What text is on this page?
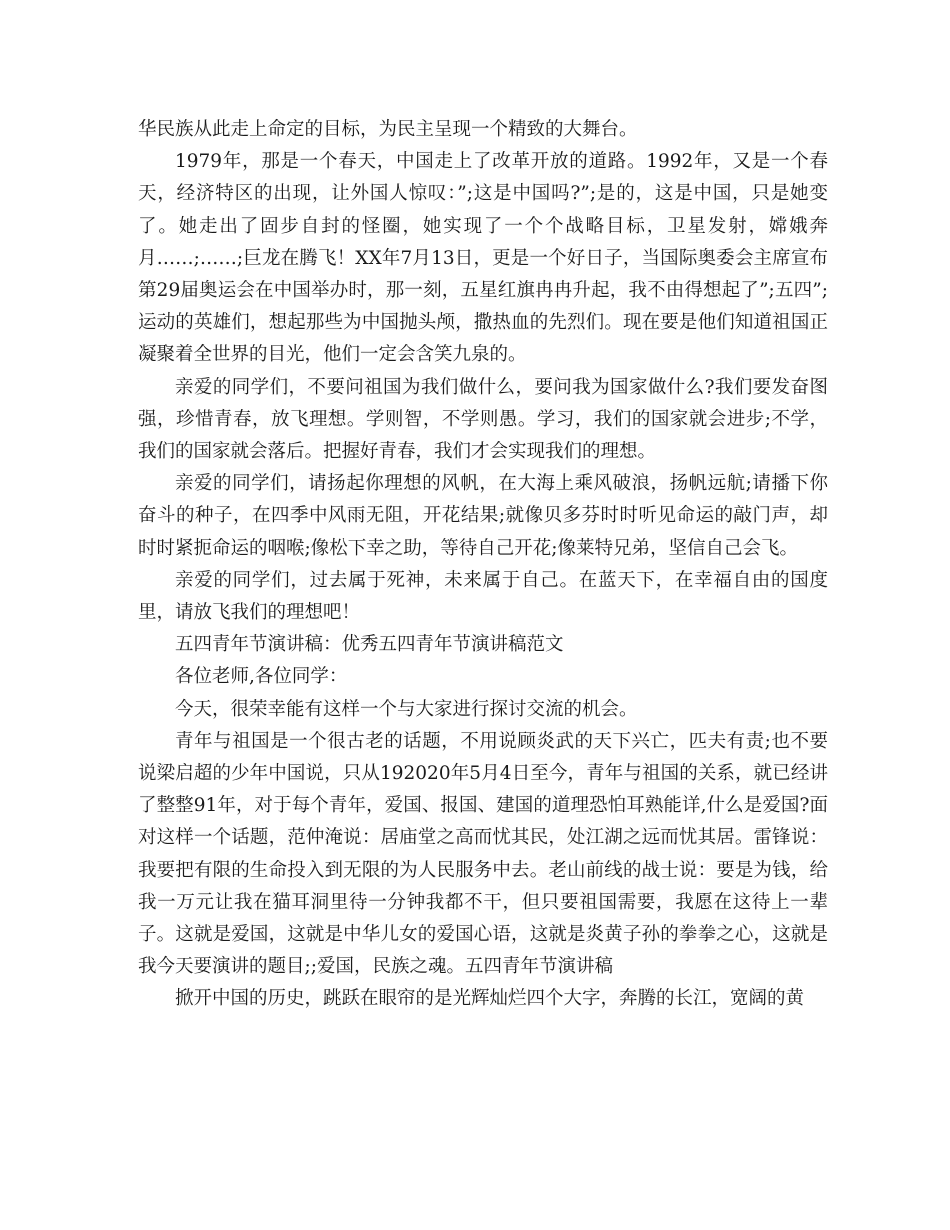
华民族从此走上命定的目标，为民主呈现一个精致的大舞台。

1979年，那是一个春天，中国走上了改革开放的道路。1992年，又是一个春天，经济特区的出现，让外国人惊叹：”;这是中国吗?”;是的，这是中国，只是她变了。她走出了固步自封的怪圈，她实现了一个个战略目标，卫星发射，嫦娥奔月……;……;巨龙在腾飞！XX年7月13日，更是一个好日子，当国际奥委会主席宣布第29届奥运会在中国举办时，那一刻，五星红旗冉冉升起，我不由得想起了”;五四”;运动的英雄们，想起那些为中国抛头颅，撒热血的先烈们。现在要是他们知道祖国正凝聚着全世界的目光，他们一定会含笑九泉的。

亲爱的同学们，不要问祖国为我们做什么，要问我为国家做什么?我们要发奋图强，珍惜青春，放飞理想。学则智，不学则愚。学习，我们的国家就会进步;不学，我们的国家就会落后。把握好青春，我们才会实现我们的理想。

亲爱的同学们，请扬起你理想的风帆，在大海上乘风破浪，扬帆远航;请播下你奋斗的种子，在四季中风雨无阻，开花结果;就像贝多芬时时听见命运的敲门声，却时时紧扼命运的咽喉;像松下幸之助，等待自己开花;像莱特兄弟，坚信自己会飞。

亲爱的同学们，过去属于死神，未来属于自己。在蓝天下，在幸福自由的国度里，请放飞我们的理想吧！

五四青年节演讲稿：优秀五四青年节演讲稿范文

各位老师,各位同学：

今天，很荣幸能有这样一个与大家进行探讨交流的机会。

青年与祖国是一个很古老的话题，不用说顾炎武的天下兴亡，匹夫有责;也不要说梁启超的少年中国说，只从192020年5月4日至今，青年与祖国的关系，就已经讲了整整91年，对于每个青年，爱国、报国、建国的道理恐怕耳熟能详,什么是爱国?面对这样一个话题，范仲淹说：居庙堂之高而忧其民，处江湖之远而忧其居。雷锋说：我要把有限的生命投入到无限的为人民服务中去。老山前线的战士说：要是为钱，给我一万元让我在猫耳洞里待一分钟我都不干，但只要祖国需要，我愿在这待上一辈子。这就是爱国，这就是中华儿女的爱国心语，这就是炎黄子孙的拳拳之心，这就是我今天要演讲的题目;;爱国，民族之魂。五四青年节演讲稿

掀开中国的历史，跳跃在眼帘的是光辉灿烂四个大字，奔腾的长江，宽阔的黄
